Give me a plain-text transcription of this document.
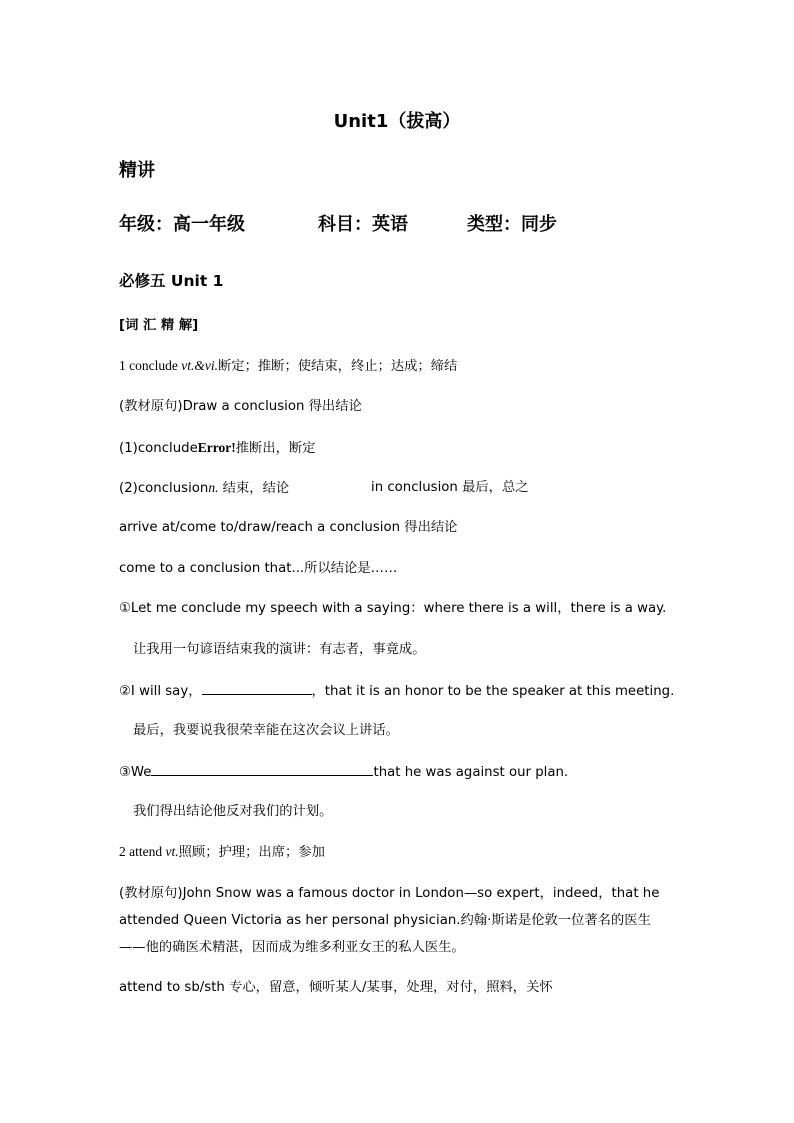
Unit1（拔高）
精讲
年级：高一年级	科目：英语	类型：同步
必修五 Unit 1
[词 汇 精 解]
1 conclude vt.&vi.断定；推断；使结束，终止；达成；缔结
(教材原句)Draw a conclusion 得出结论
(1)concludeError!推断出，断定
(2)conclusionn. 结束，结论	in conclusion 最后，总之
arrive at/come to/draw/reach a conclusion 得出结论
come to a conclusion that...所以结论是……
①Let me conclude my speech with a saying：where there is a will，there is a way.
让我用一句谚语结束我的演讲：有志者，事竟成。
②I will say，	，that it is an honor to be the speaker at this meeting.
最后，我要说我很荣幸能在这次会议上讲话。
③We	that he was against our plan.
我们得出结论他反对我们的计划。
2 attend vt.照顾；护理；出席；参加
(教材原句)John Snow was a famous doctor in London—so expert，indeed，that he attended Queen Victoria as her personal physician.约翰·斯诺是伦敦一位著名的医生——他的确医术精湛，因而成为维多利亚女王的私人医生。
attend to sb/sth 专心，留意，倾听某人/某事，处理，对付，照料，关怀
